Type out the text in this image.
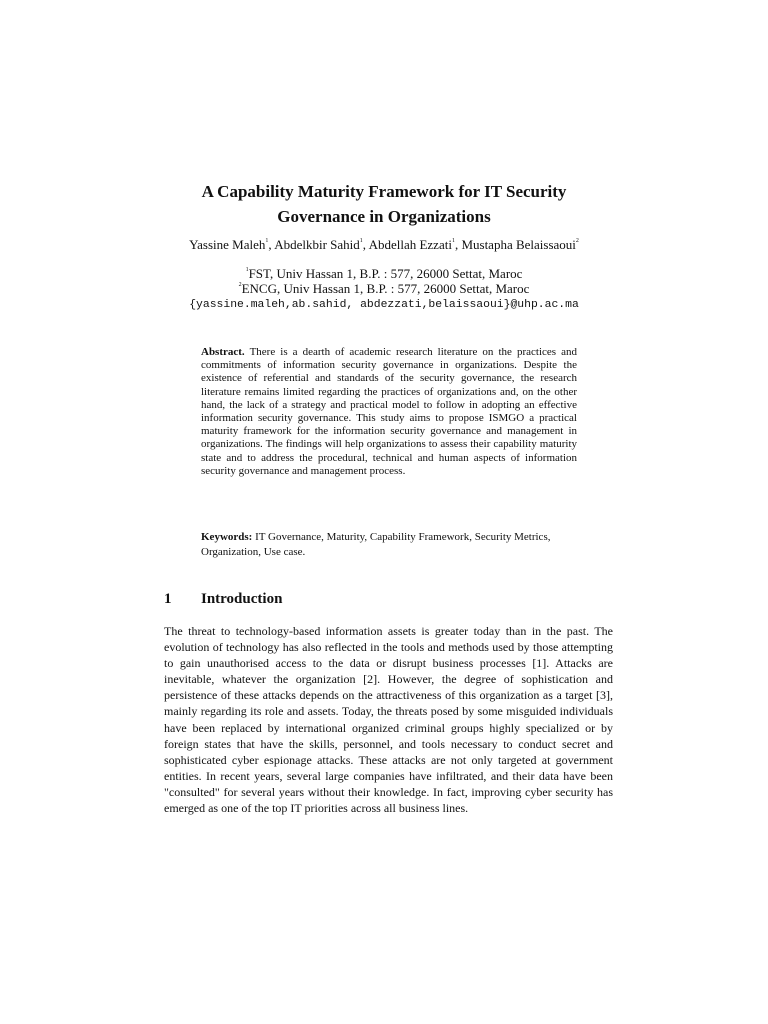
A Capability Maturity Framework for IT Security
Governance in Organizations
Yassine Maleh$^1$, Abdelkbir Sahid$^1$, Abdellah Ezzati$^1$, Mustapha Belaissaoui$^2$
$^1$FST, Univ Hassan 1, B.P. : 577, 26000 Settat, Maroc
$^2$ENCG, Univ Hassan 1, B.P. : 577, 26000 Settat, Maroc
{yassine.maleh,ab.sahid, abdezzati,belaissaoui}@uhp.ac.ma
Abstract. There is a dearth of academic research literature on the practices and commitments of information security governance in organizations. Despite the existence of referential and standards of the security governance, the research literature remains limited regarding the practices of organizations and, on the other hand, the lack of a strategy and practical model to follow in adopting an effective information security governance. This study aims to propose ISMGO a practical maturity framework for the information security governance and management in organizations. The findings will help organizations to assess their capability maturity state and to address the procedural, technical and human aspects of information security governance and management process.
Keywords: IT Governance, Maturity, Capability Framework, Security Metrics, Organization, Use case.
1 Introduction
The threat to technology-based information assets is greater today than in the past. The evolution of technology has also reflected in the tools and methods used by those attempting to gain unauthorised access to the data or disrupt business processes [1]. Attacks are inevitable, whatever the organization [2]. However, the degree of sophistication and persistence of these attacks depends on the attractiveness of this organization as a target [3], mainly regarding its role and assets. Today, the threats posed by some misguided individuals have been replaced by international organized criminal groups highly specialized or by foreign states that have the skills, personnel, and tools necessary to conduct secret and sophisticated cyber espionage attacks. These attacks are not only targeted at government entities. In recent years, several large companies have infiltrated, and their data have been "consulted" for several years without their knowledge. In fact, improving cyber security has emerged as one of the top IT priorities across all business lines.
